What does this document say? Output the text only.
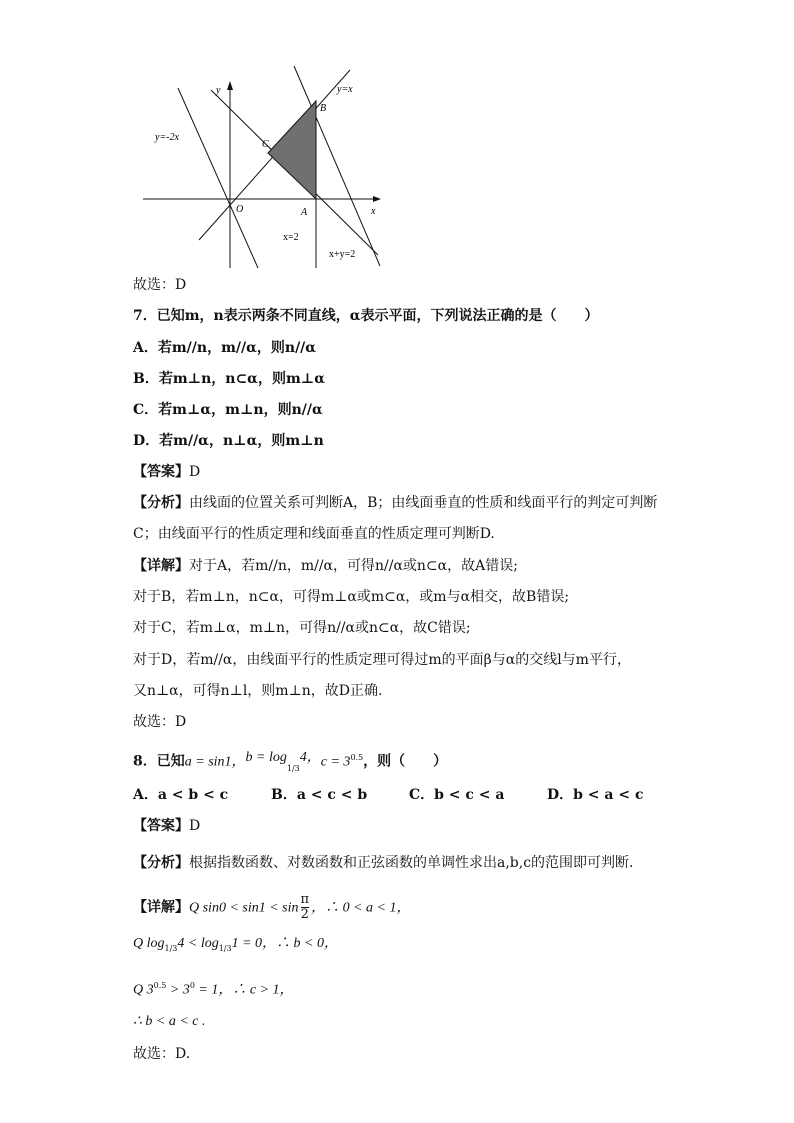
y
x
O
y=-2x
y=x
x=2
x+y=2
A
B
C
故选：D
7．已知m，n表示两条不同直线，α表示平面，下列说法正确的是（　　）
A．若m//n，m//α，则n//α
B．若m⊥n，n⊂α，则m⊥α
C．若m⊥α，m⊥n，则n//α
D．若m//α，n⊥α，则m⊥n
【答案】D
【分析】由线面的位置关系可判断A，B；由线面垂直的性质和线面平行的判定可判断
C；由线面平行的性质定理和线面垂直的性质定理可判断D.
【详解】对于A，若m//n，m//α，可得n//α或n⊂α，故A错误;
对于B，若m⊥n，n⊂α，可得m⊥α或m⊂α，或m与α相交，故B错误;
对于C，若m⊥α，m⊥n，可得n//α或n⊂α，故C错误;
对于D，若m//α，由线面平行的性质定理可得过m的平面β与α的交线l与m平行，
又n⊥α，可得n⊥l，则m⊥n，故D正确.
故选：D
8．已知a = sin1，$b = \log_{1/3}4$，$c = 3^{0.5}$，则（　　）
A．a < b < c	B．a < c < b	C．b < c < a	D．b < a < c
【答案】D
【分析】根据指数函数、对数函数和正弦函数的单调性求出a,b,c的范围即可判断.
【详解】Q $\sin 0 < \sin 1 < \sin \frac{\pi}{2}$ ，∴ 0 < a < 1，
Q $\log_{1/3}4 < \log_{1/3}1 = 0$，∴ b < 0，
Q $3^{0.5} > 3^0 = 1$，∴ c > 1，
∴ b < a < c .
故选：D.
